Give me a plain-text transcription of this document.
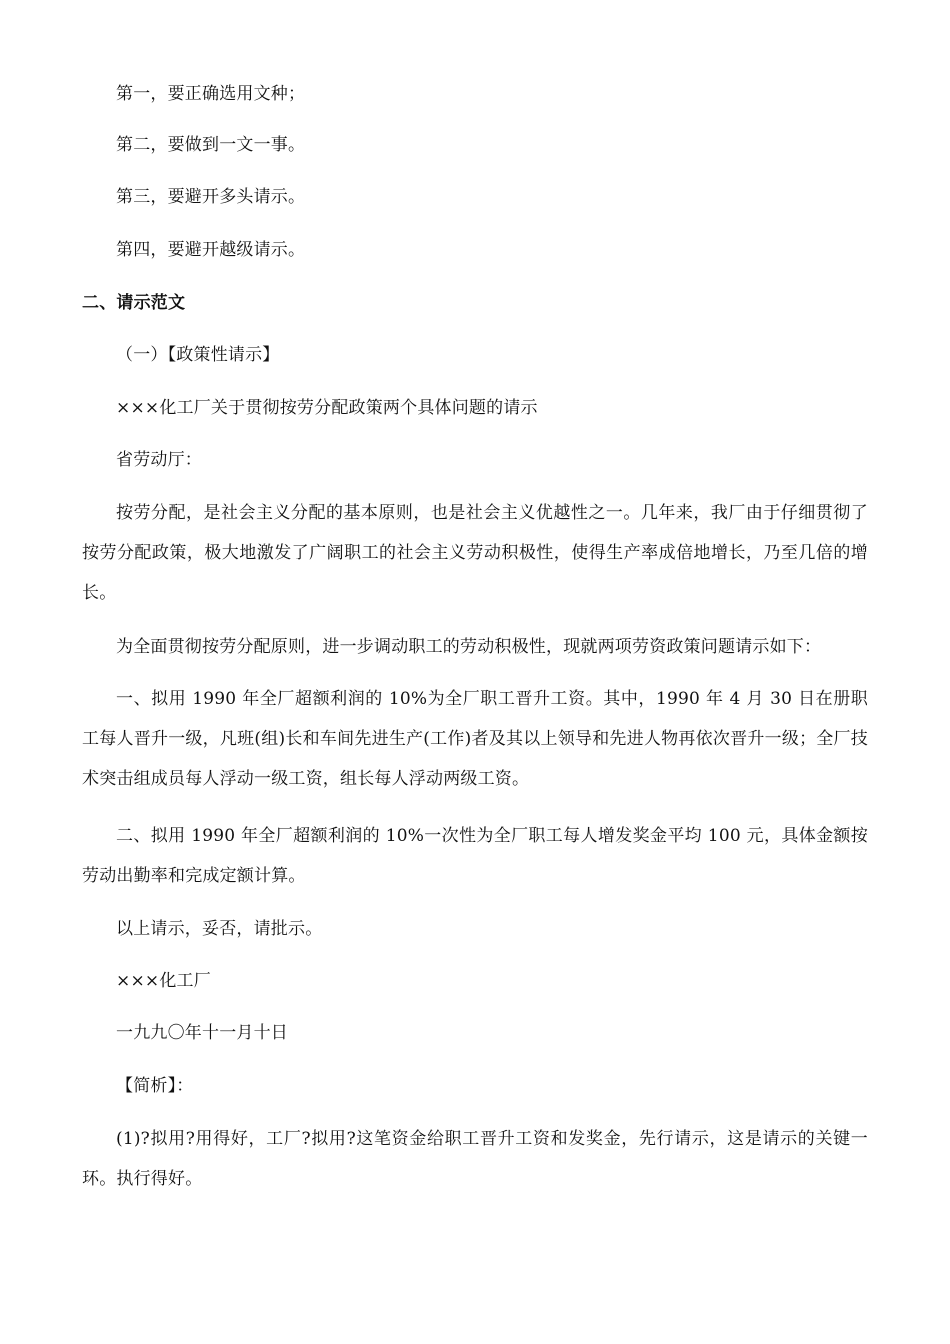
第一，要正确选用文种；
第二，要做到一文一事。
第三，要避开多头请示。
第四，要避开越级请示。
二、请示范文
（一）【政策性请示】
×××化工厂关于贯彻按劳分配政策两个具体问题的请示
省劳动厅：
按劳分配，是社会主义分配的基本原则，也是社会主义优越性之一。几年来，我厂由于仔细贯彻了按劳分配政策，极大地激发了广阔职工的社会主义劳动积极性，使得生产率成倍地增长，乃至几倍的增长。
为全面贯彻按劳分配原则，进一步调动职工的劳动积极性，现就两项劳资政策问题请示如下：
一、拟用 1990 年全厂超额利润的 10%为全厂职工晋升工资。其中，1990 年 4 月 30 日在册职工每人晋升一级，凡班(组)长和车间先进生产(工作)者及其以上领导和先进人物再依次晋升一级；全厂技术突击组成员每人浮动一级工资，组长每人浮动两级工资。
二、拟用 1990 年全厂超额利润的 10%一次性为全厂职工每人增发奖金平均 100 元，具体金额按劳动出勤率和完成定额计算。
以上请示，妥否，请批示。
×××化工厂
一九九〇年十一月十日
【简析】：
(1)?拟用?用得好，工厂?拟用?这笔资金给职工晋升工资和发奖金，先行请示，这是请示的关键一环。执行得好。
